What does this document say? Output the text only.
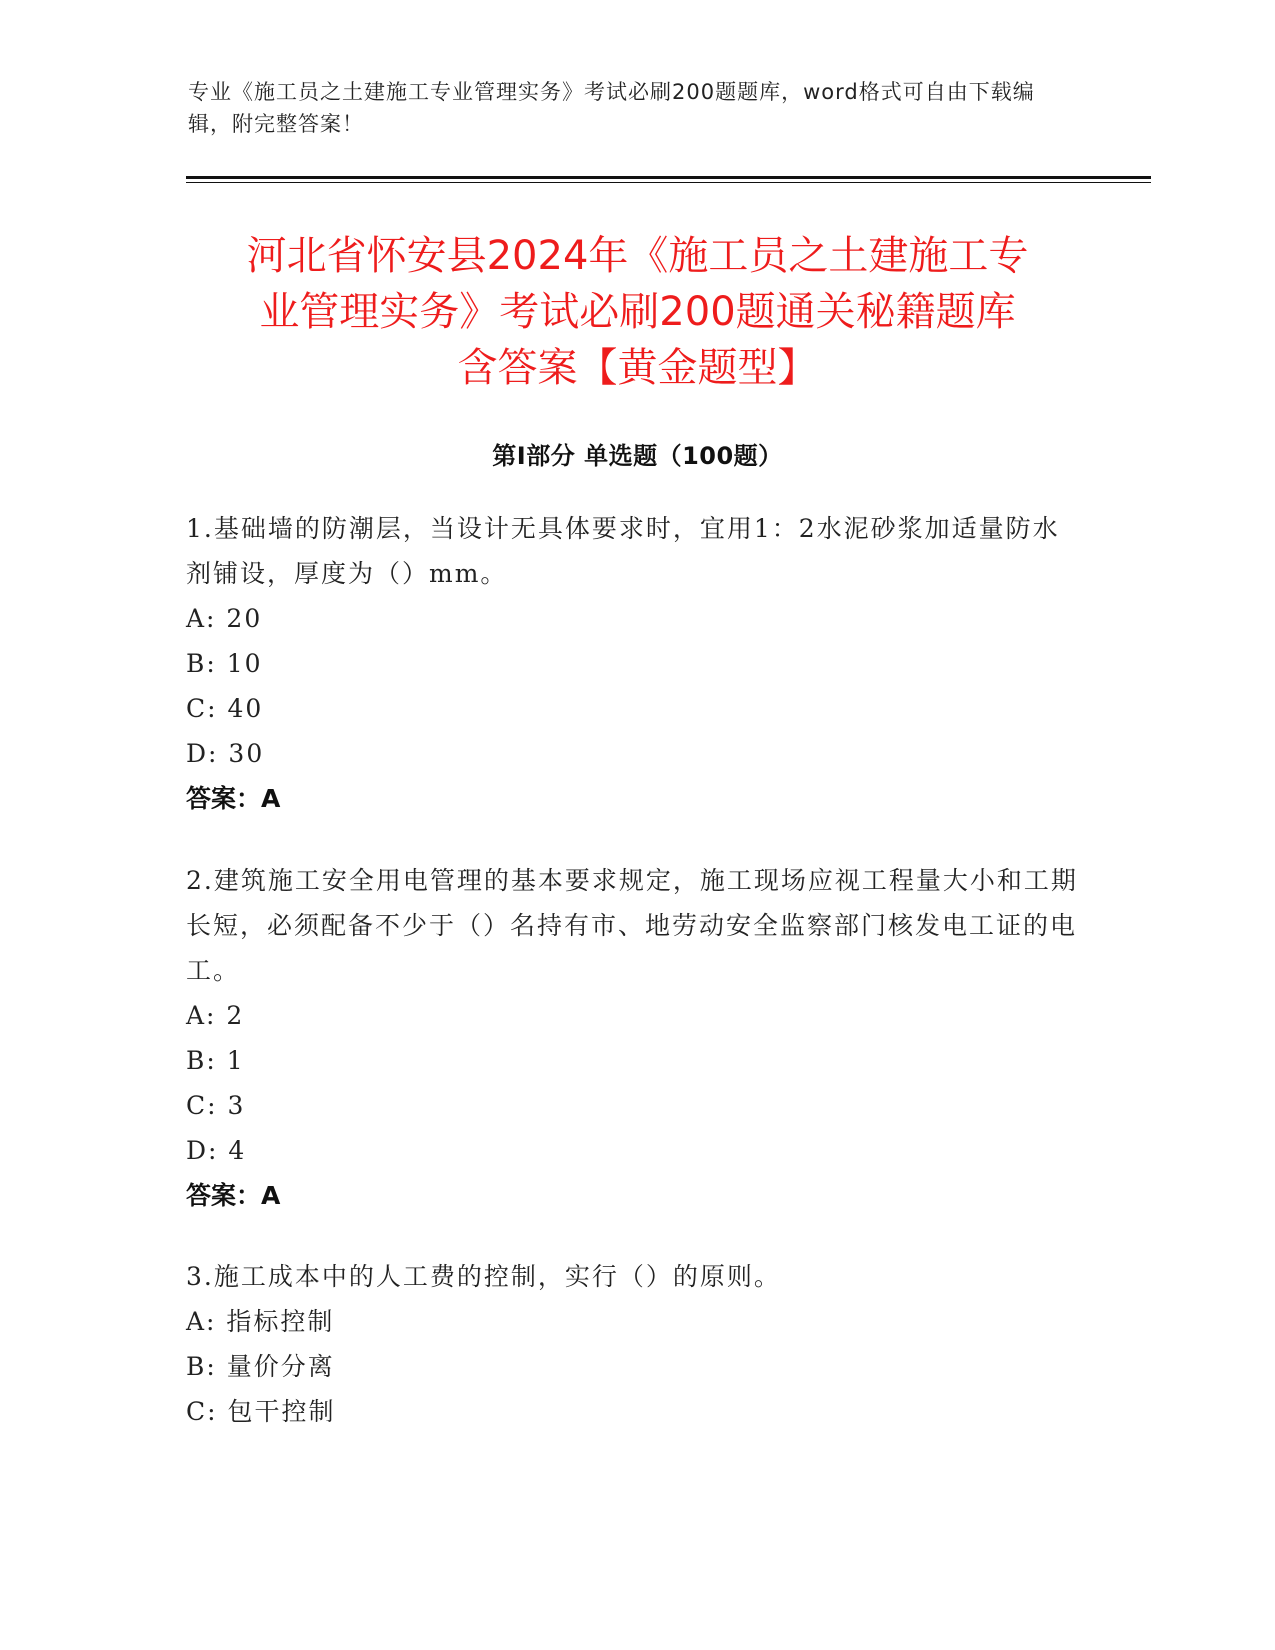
专业《施工员之土建施工专业管理实务》考试必刷200题题库，word格式可自由下载编辑，附完整答案！
河北省怀安县2024年《施工员之土建施工专
业管理实务》考试必刷200题通关秘籍题库
含答案【黄金题型】
第I部分 单选题（100题）
1.基础墙的防潮层，当设计无具体要求时，宜用1：2水泥砂浆加适量防水剂铺设，厚度为（）mm。
A: 20
B: 10
C: 40
D: 30
答案：A
2.建筑施工安全用电管理的基本要求规定，施工现场应视工程量大小和工期长短，必须配备不少于（）名持有市、地劳动安全监察部门核发电工证的电工。
A: 2
B: 1
C: 3
D: 4
答案：A
3.施工成本中的人工费的控制，实行（）的原则。
A: 指标控制
B: 量价分离
C: 包干控制
